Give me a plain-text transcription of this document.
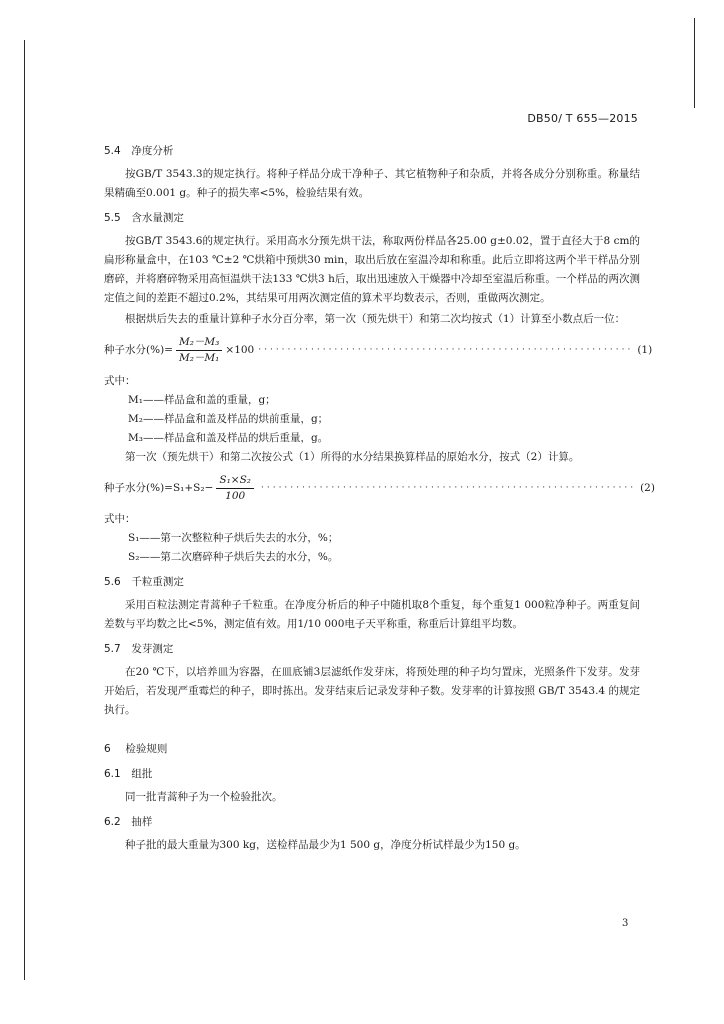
DB50/ T 655—2015
5.4 净度分析

按GB/T 3543.3的规定执行。将种子样品分成干净种子、其它植物种子和杂质，并将各成分分别称重。称量结果精确至0.001 g。种子的损失率<5%，检验结果有效。

5.5 含水量测定

按GB/T 3543.6的规定执行。采用高水分预先烘干法，称取两份样品各25.00 g±0.02，置于直径大于8 cm的扁形称量盒中，在103 ℃±2 ℃烘箱中预烘30 min，取出后放在室温冷却和称重。此后立即将这两个半干样品分别磨碎，并将磨碎物采用高恒温烘干法133 ℃烘3 h后，取出迅速放入干燥器中冷却至室温后称重。一个样品的两次测定值之间的差距不超过0.2%，其结果可用两次测定值的算术平均数表示，否则，重做两次测定。

根据烘后失去的重量计算种子水分百分率，第一次（预先烘干）和第二次均按式（1）计算至小数点后一位：

种子水分(%)= $\frac{\text{M₂－M₃}}{\text{M₂－M₁}} \times 100$ ································································ (1)

式中：

M₁——样品盒和盖的重量，g；

M₂——样品盒和盖及样品的烘前重量，g；

M₃——样品盒和盖及样品的烘后重量，g。

第一次（预先烘干）和第二次按公式（1）所得的水分结果换算样品的原始水分，按式（2）计算。

种子水分$(\%)=S_1+S_2- \frac{\text{S₁×S₂}}{100}$ ································································ (2)

式中：

S₁——第一次整粒种子烘后失去的水分，%；

S₂——第二次磨碎种子烘后失去的水分，%。

5.6 千粒重测定

采用百粒法测定青蒿种子千粒重。在净度分析后的种子中随机取8个重复，每个重复1 000粒净种子。两重复间差数与平均数之比<5%，测定值有效。用1/10 000电子天平称重，称重后计算组平均数。

5.7 发芽测定

在20 ℃下，以培养皿为容器，在皿底铺3层滤纸作发芽床，将预处理的种子均匀置床，光照条件下发芽。发芽开始后，若发现严重霉烂的种子，即时拣出。发芽结束后记录发芽种子数。发芽率的计算按照 GB/T 3543.4 的规定执行。

6 检验规则
6.1 组批

同一批青蒿种子为一个检验批次。

6.2 抽样

种子批的最大重量为300 kg，送检样品最少为1 500 g，净度分析试样最少为150 g。

3
